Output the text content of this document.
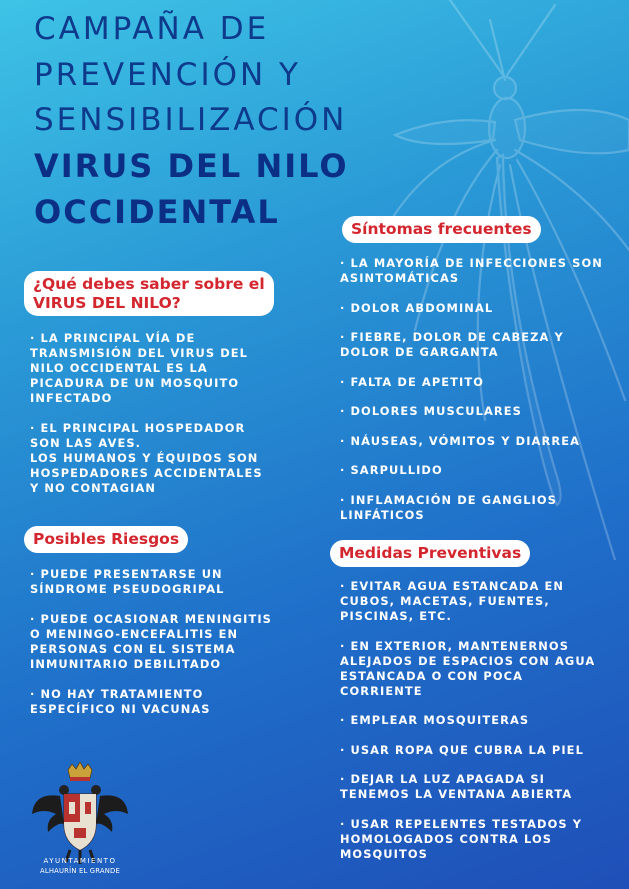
CAMPAÑA DE
PREVENCIÓN Y
SENSIBILIZACIÓN
VIRUS DEL NILO
OCCIDENTAL
¿Qué debes saber sobre el
VIRUS DEL NILO?
· LA PRINCIPAL VÍA DE TRANSMISIÓN DEL VIRUS DEL NILO OCCIDENTAL ES LA PICADURA DE UN MOSQUITO INFECTADO
· EL PRINCIPAL HOSPEDADOR SON LAS AVES.
LOS HUMANOS Y ÉQUIDOS SON HOSPEDADORES ACCIDENTALES Y NO CONTAGIAN
Posibles Riesgos
· PUEDE PRESENTARSE UN SÍNDROME PSEUDOGRIPAL
· PUEDE OCASIONAR MENINGITIS O MENINGO-ENCEFALITIS EN PERSONAS CON EL SISTEMA INMUNITARIO DEBILITADO
· NO HAY TRATAMIENTO ESPECÍFICO NI VACUNAS
Síntomas frecuentes
· LA MAYORÍA DE INFECCIONES SON ASINTOMÁTICAS
· DOLOR ABDOMINAL
· FIEBRE, DOLOR DE CABEZA Y DOLOR DE GARGANTA
· FALTA DE APETITO
· DOLORES MUSCULARES
· NÁUSEAS, VÓMITOS Y DIARREA
· SARPULLIDO
· INFLAMACIÓN DE GANGLIOS LINFÁTICOS
Medidas Preventivas
· EVITAR AGUA ESTANCADA EN CUBOS, MACETAS, FUENTES, PISCINAS, ETC.
· EN EXTERIOR, MANTENERNOS ALEJADOS DE ESPACIOS CON AGUA ESTANCADA O CON POCA CORRIENTE
· EMPLEAR MOSQUITERAS
· USAR ROPA QUE CUBRA LA PIEL
· DEJAR LA LUZ APAGADA SI TENEMOS LA VENTANA ABIERTA
· USAR REPELENTES TESTADOS Y HOMOLOGADOS CONTRA LOS MOSQUITOS
AYUNTAMIENTO
ALHAURÍN EL GRANDE
